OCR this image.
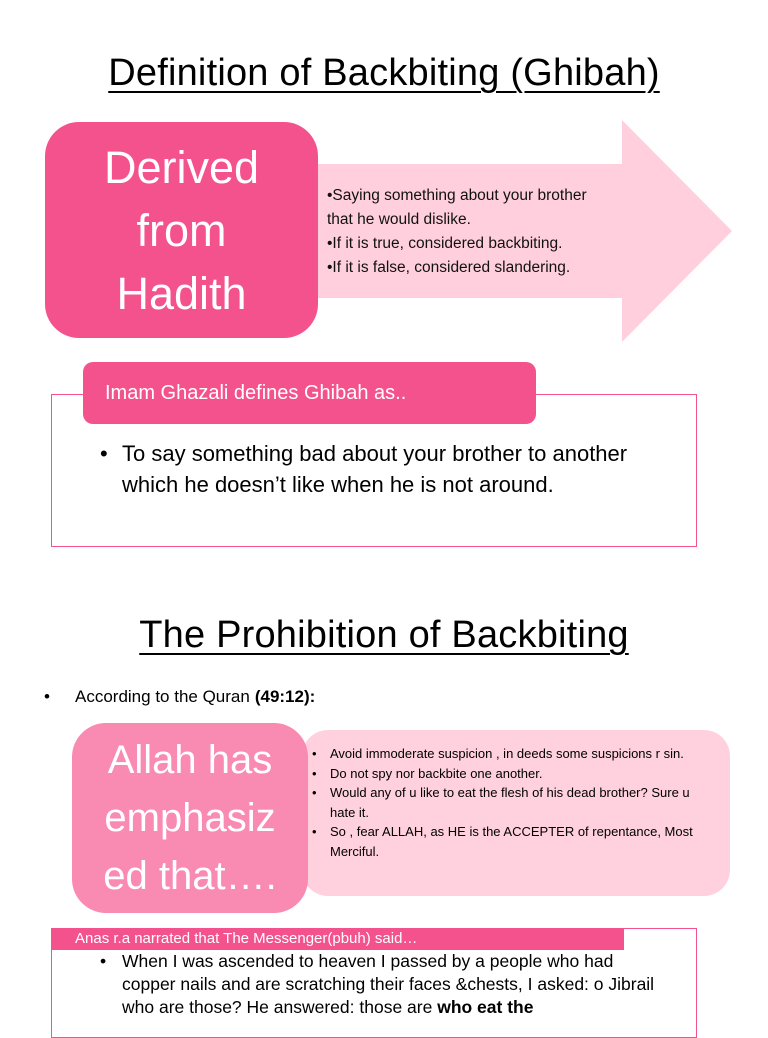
Definition of Backbiting (Ghibah)
Derived
from
Hadith
•Saying something about your brother
that he would dislike.
•If it is true, considered backbiting.
•If it is false, considered slandering.
Imam Ghazali defines Ghibah as..
• To say something bad about your brother to another which he doesn’t like when he is not around.
The Prohibition of Backbiting
•	According to the Quran (49:12):
•	Avoid immoderate suspicion , in deeds some suspicions r sin.
•	Do not spy nor backbite one another.
•	Would any of u like to eat the flesh of his dead brother? Sure u hate it.
•	So , fear ALLAH, as HE is the ACCEPTER of repentance, Most Merciful.
Allah has
emphasiz
ed that….
Anas r.a narrated that The Messenger(pbuh) said…
• When I was ascended to heaven I passed by a people who had copper nails and are scratching their faces &chests, I asked: o Jibrail who are those? He answered: those are who eat the
